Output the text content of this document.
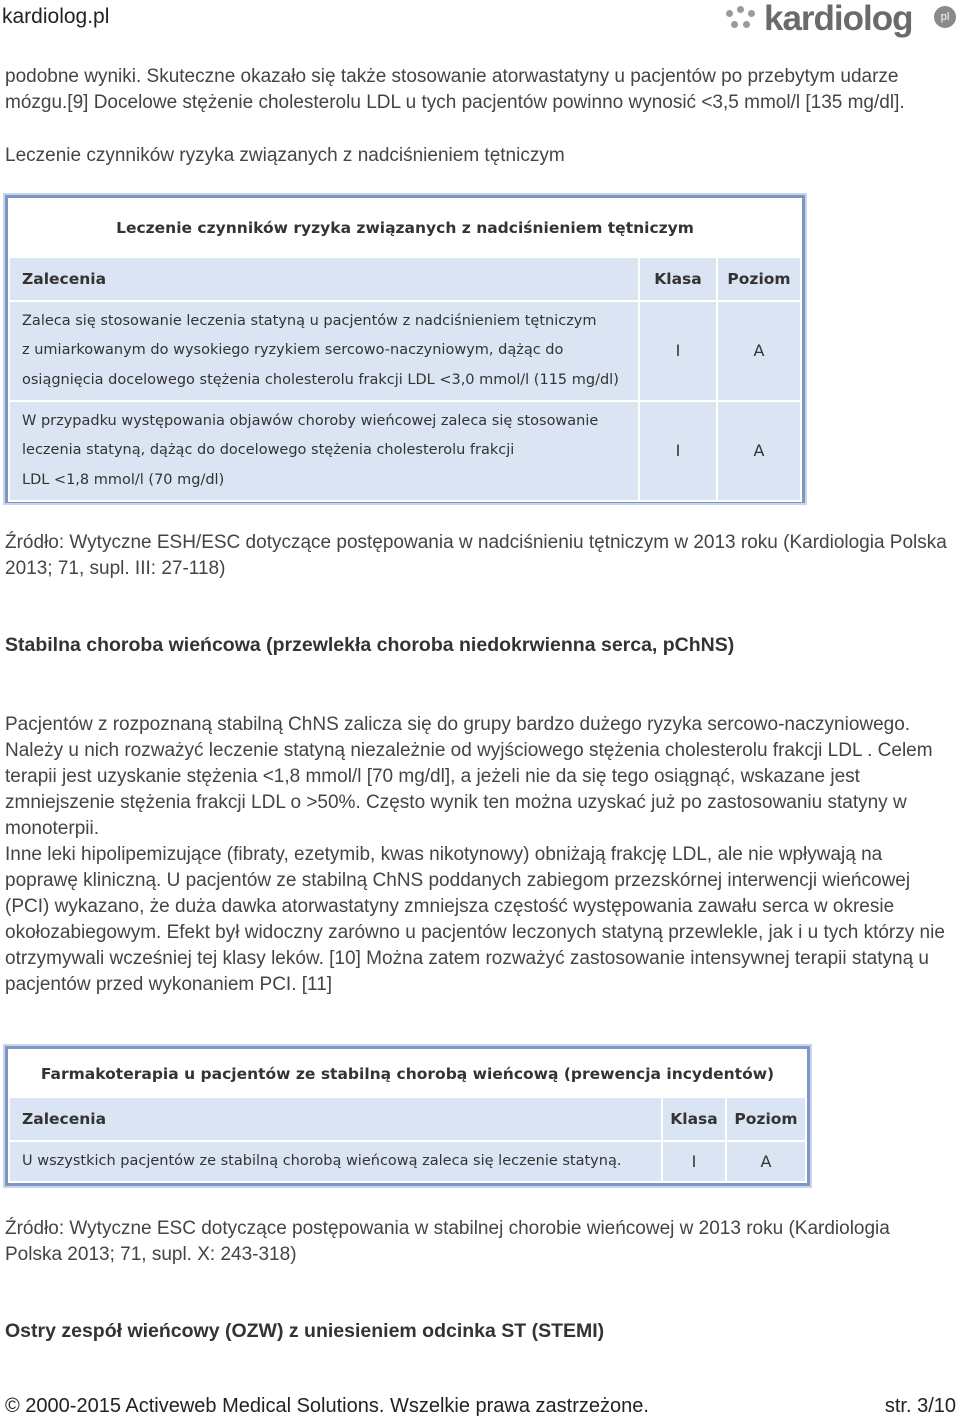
kardiolog.pl	kardiolog	pl

podobne wyniki. Skuteczne okazało się także stosowanie atorwastatyny u pacjentów po przebytym udarze mózgu.[9] Docelowe stężenie cholesterolu LDL u tych pacjentów powinno wynosić <3,5 mmol/l [135 mg/dl].

Leczenie czynników ryzyka związanych z nadciśnieniem tętniczym

Leczenie czynników ryzyka związanych z nadciśnieniem tętniczym		
Zalecenia	Klasa	Poziom

Zaleca się stosowanie leczenia statyną u pacjentów z nadciśnieniem tętniczym
z umiarkowanym do wysokiego ryzykiem sercowo-naczyniowym, dążąc do
osiągnięcia docelowego stężenia cholesterolu frakcji LDL <3,0 mmol/l (115 mg/dl)	I	A

W przypadku występowania objawów choroby wieńcowej zaleca się stosowanie
leczenia statyną, dążąc do docelowego stężenia cholesterolu frakcji
LDL <1,8 mmol/l (70 mg/dl)	I	A

Źródło: Wytyczne ESH/ESC dotyczące postępowania w nadciśnieniu tętniczym w 2013 roku (Kardiologia Polska 2013; 71, supl. III: 27-118)

Stabilna choroba wieńcowa (przewlekła choroba niedokrwienna serca, pChNS)

Pacjentów z rozpoznaną stabilną ChNS zalicza się do grupy bardzo dużego ryzyka sercowo-naczyniowego. Należy u nich rozważyć leczenie statyną niezależnie od wyjściowego stężenia cholesterolu frakcji LDL . Celem terapii jest uzyskanie stężenia <1,8 mmol/l [70 mg/dl], a jeżeli nie da się tego osiągnąć, wskazane jest zmniejszenie stężenia frakcji LDL o >50%. Często wynik ten można uzyskać już po zastosowaniu statyny w monoterpii.

Inne leki hipolipemizujące (fibraty, ezetymib, kwas nikotynowy) obniżają frakcję LDL, ale nie wpływają na poprawę kliniczną. U pacjentów ze stabilną ChNS poddanych zabiegom przezskórnej interwencji wieńcowej (PCI) wykazano, że duża dawka atorwastatyny zmniejsza częstość występowania zawału serca w okresie okołozabiegowym. Efekt był widoczny zarówno u pacjentów leczonych statyną przewlekle, jak i u tych którzy nie otrzymywali wcześniej tej klasy leków. [10] Można zatem rozważyć zastosowanie intensywnej terapii statyną u pacjentów przed wykonaniem PCI. [11]

Farmakoterapia u pacjentów ze stabilną chorobą wieńcową (prewencja incydentów)		
Zalecenia	Klasa	Poziom
U wszystkich pacjentów ze stabilną chorobą wieńcową zaleca się leczenie statyną.	I	A

Źródło: Wytyczne ESC dotyczące postępowania w stabilnej chorobie wieńcowej w 2013 roku (Kardiologia Polska 2013; 71, supl. X: 243-318)

Ostry zespół wieńcowy (OZW) z uniesieniem odcinka ST (STEMI)

© 2000-2015 Activeweb Medical Solutions. Wszelkie prawa zastrzeżone.	str. 3/10
